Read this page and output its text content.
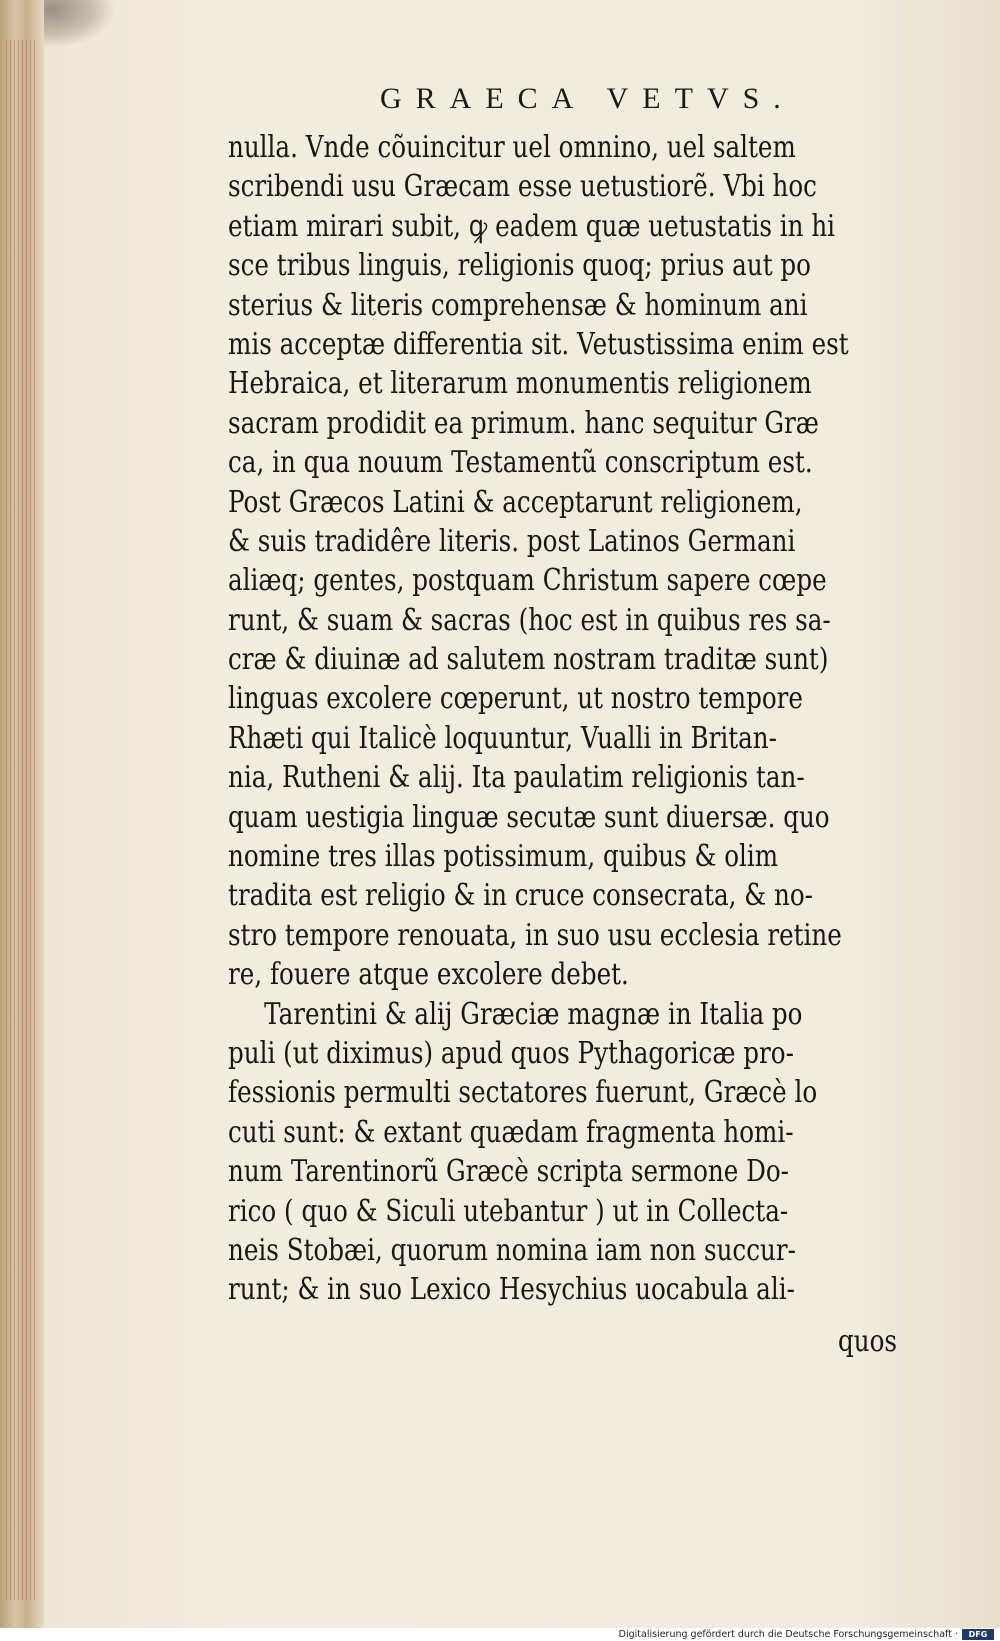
GRAECA VETVS.
nulla. Vnde cõuincitur uel omnino, uel saltem
scribendi usu Græcam esse uetustiorẽ. Vbi hoc
etiam mirari subit, ꝙ eadem quæ uetustatis in hi
sce tribus linguis, religionis quoq; prius aut po
sterius & literis comprehensæ & hominum ani
mis acceptæ differentia sit. Vetustissima enim est
Hebraica, et literarum monumentis religionem
sacram prodidit ea primum. hanc sequitur Græ
ca, in qua nouum Testamentũ conscriptum est.
Post Græcos Latini & acceptarunt religionem,
& suis tradidêre literis. post Latinos Germani
aliæq; gentes, postquam Christum sapere cœpe
runt, & suam & sacras (hoc est in quibus res sa-
cræ & diuinæ ad salutem nostram traditæ sunt)
linguas excolere cœperunt, ut nostro tempore
Rhæti qui Italicè loquuntur, Vualli in Britan-
nia, Rutheni & alij. Ita paulatim religionis tan-
quam uestigia linguæ secutæ sunt diuersæ. quo
nomine tres illas potissimum, quibus & olim
tradita est religio & in cruce consecrata, & no-
stro tempore renouata, in suo usu ecclesia retine
re, fouere atque excolere debet.
Tarentini & alij Græciæ magnæ in Italia po
puli (ut diximus) apud quos Pythagoricæ pro-
fessionis permulti sectatores fuerunt, Græcè lo
cuti sunt: & extant quædam fragmenta homi-
num Tarentinorũ Græcè scripta sermone Do-
rico ( quo & Siculi utebantur ) ut in Collecta-
neis Stobæi, quorum nomina iam non succur-
runt; & in suo Lexico Hesychius uocabula ali-
quos
Digitalisierung gefördert durch die Deutsche Forschungsgemeinschaft ·	DFG
